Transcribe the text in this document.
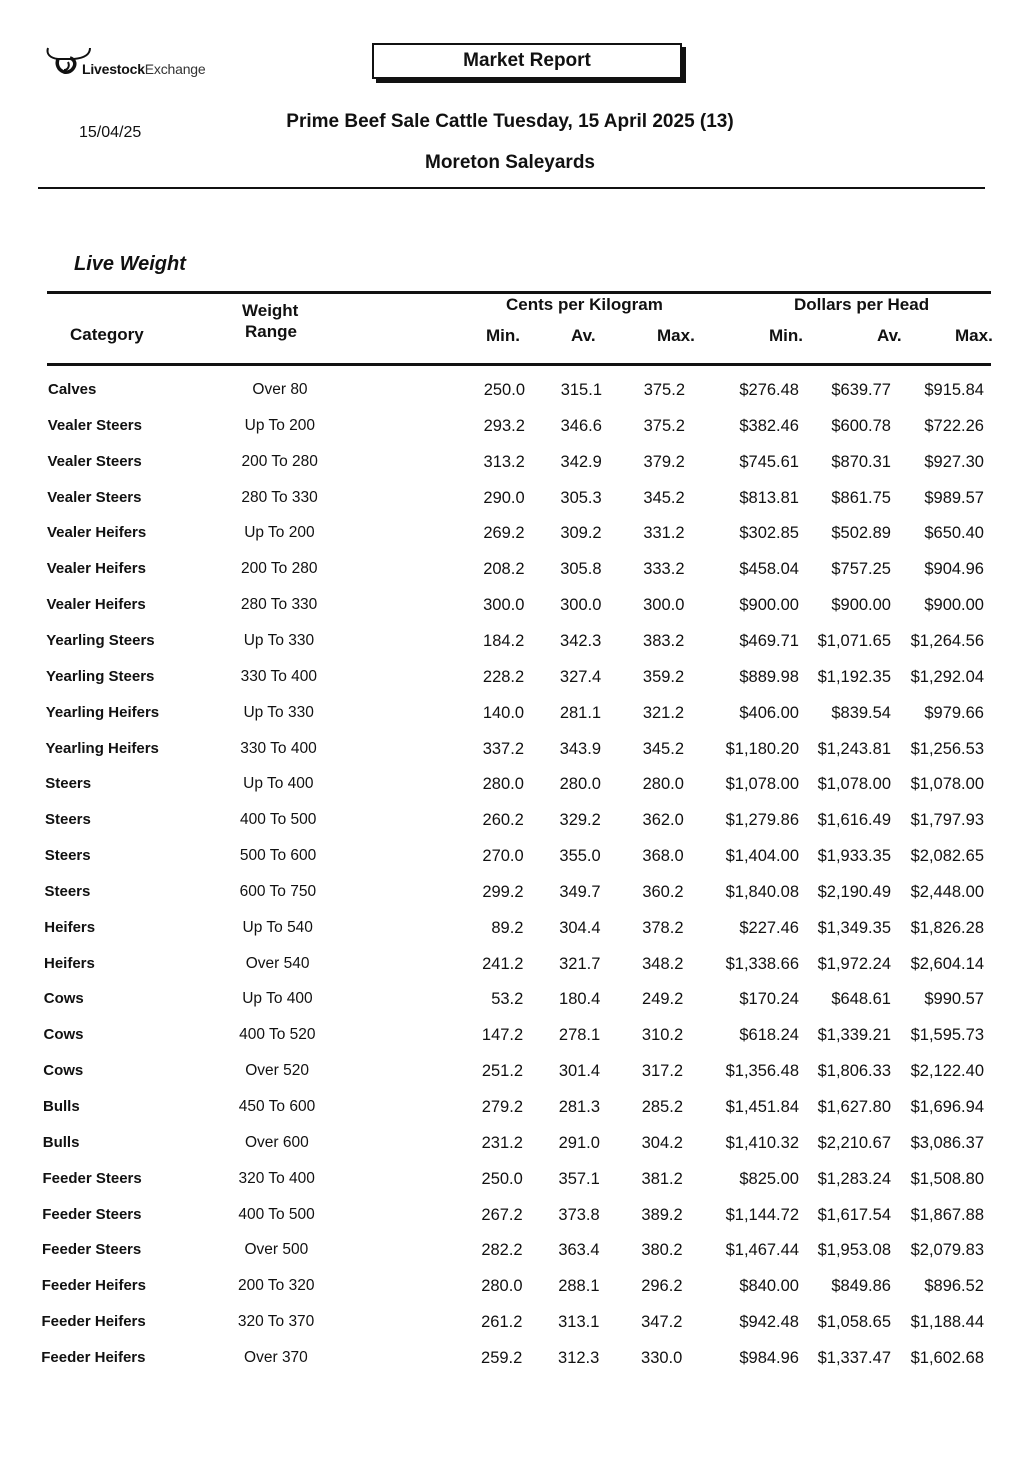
LivestockExchange	Market Report
15/04/25
Prime Beef Sale Cattle Tuesday, 15 April 2025 (13)
Moreton Saleyards
Live Weight
Category
Weight
Range
Cents per Kilogram	Dollars per Head
Min.	Av.	Max.	Min.	Av.	Max.
Calves	Over 80	250.0 315.1	375.2	$276.48 $639.77 $915.84
Vealer Steers	Up To 200	293.2 346.6	375.2	$382.46 $600.78 $722.26
Vealer Steers	200 To 280	313.2 342.9	379.2	$745.61 $870.31 $927.30
Vealer Steers	280 To 330	290.0 305.3	345.2	$813.81 $861.75 $989.57
Vealer Heifers	Up To 200	269.2 309.2	331.2	$302.85 $502.89 $650.40
Vealer Heifers	200 To 280	208.2 305.8	333.2	$458.04 $757.25 $904.96
Vealer Heifers	280 To 330	300.0 300.0	300.0	$900.00 $900.00 $900.00
Yearling Steers	Up To 330	184.2 342.3	383.2	$469.71 $1,071.65 $1,264.56
Yearling Steers	330 To 400	228.2 327.4	359.2	$889.98 $1,192.35 $1,292.04
Yearling Heifers	Up To 330	140.0 281.1	321.2	$406.00 $839.54 $979.66
Yearling Heifers	330 To 400	337.2 343.9	345.2	$1,180.20 $1,243.81 $1,256.53
Steers	Up To 400	280.0 280.0	280.0	$1,078.00 $1,078.00 $1,078.00
Steers	400 To 500	260.2 329.2	362.0	$1,279.86 $1,616.49 $1,797.93
Steers	500 To 600	270.0 355.0	368.0	$1,404.00 $1,933.35 $2,082.65
Steers	600 To 750	299.2 349.7	360.2	$1,840.08 $2,190.49 $2,448.00
Heifers	Up To 540	89.2 304.4	378.2	$227.46 $1,349.35 $1,826.28
Heifers	Over 540	241.2 321.7	348.2	$1,338.66 $1,972.24 $2,604.14
Cows	Up To 400	53.2 180.4	249.2	$170.24 $648.61 $990.57
Cows	400 To 520	147.2 278.1	310.2	$618.24 $1,339.21 $1,595.73
Cows	Over 520	251.2 301.4	317.2	$1,356.48 $1,806.33 $2,122.40
Bulls	450 To 600	279.2 281.3	285.2	$1,451.84 $1,627.80 $1,696.94
Bulls	Over 600	231.2 291.0	304.2	$1,410.32 $2,210.67 $3,086.37
Feeder Steers	320 To 400	250.0 357.1	381.2	$825.00 $1,283.24 $1,508.80
Feeder Steers	400 To 500	267.2 373.8	389.2	$1,144.72 $1,617.54 $1,867.88
Feeder Steers	Over 500	282.2 363.4	380.2	$1,467.44 $1,953.08 $2,079.83
Feeder Heifers	200 To 320	280.0 288.1	296.2	$840.00 $849.86 $896.52
Feeder Heifers	320 To 370	261.2 313.1	347.2	$942.48 $1,058.65 $1,188.44
Feeder Heifers	Over 370	259.2 312.3	330.0	$984.96 $1,337.47 $1,602.68
